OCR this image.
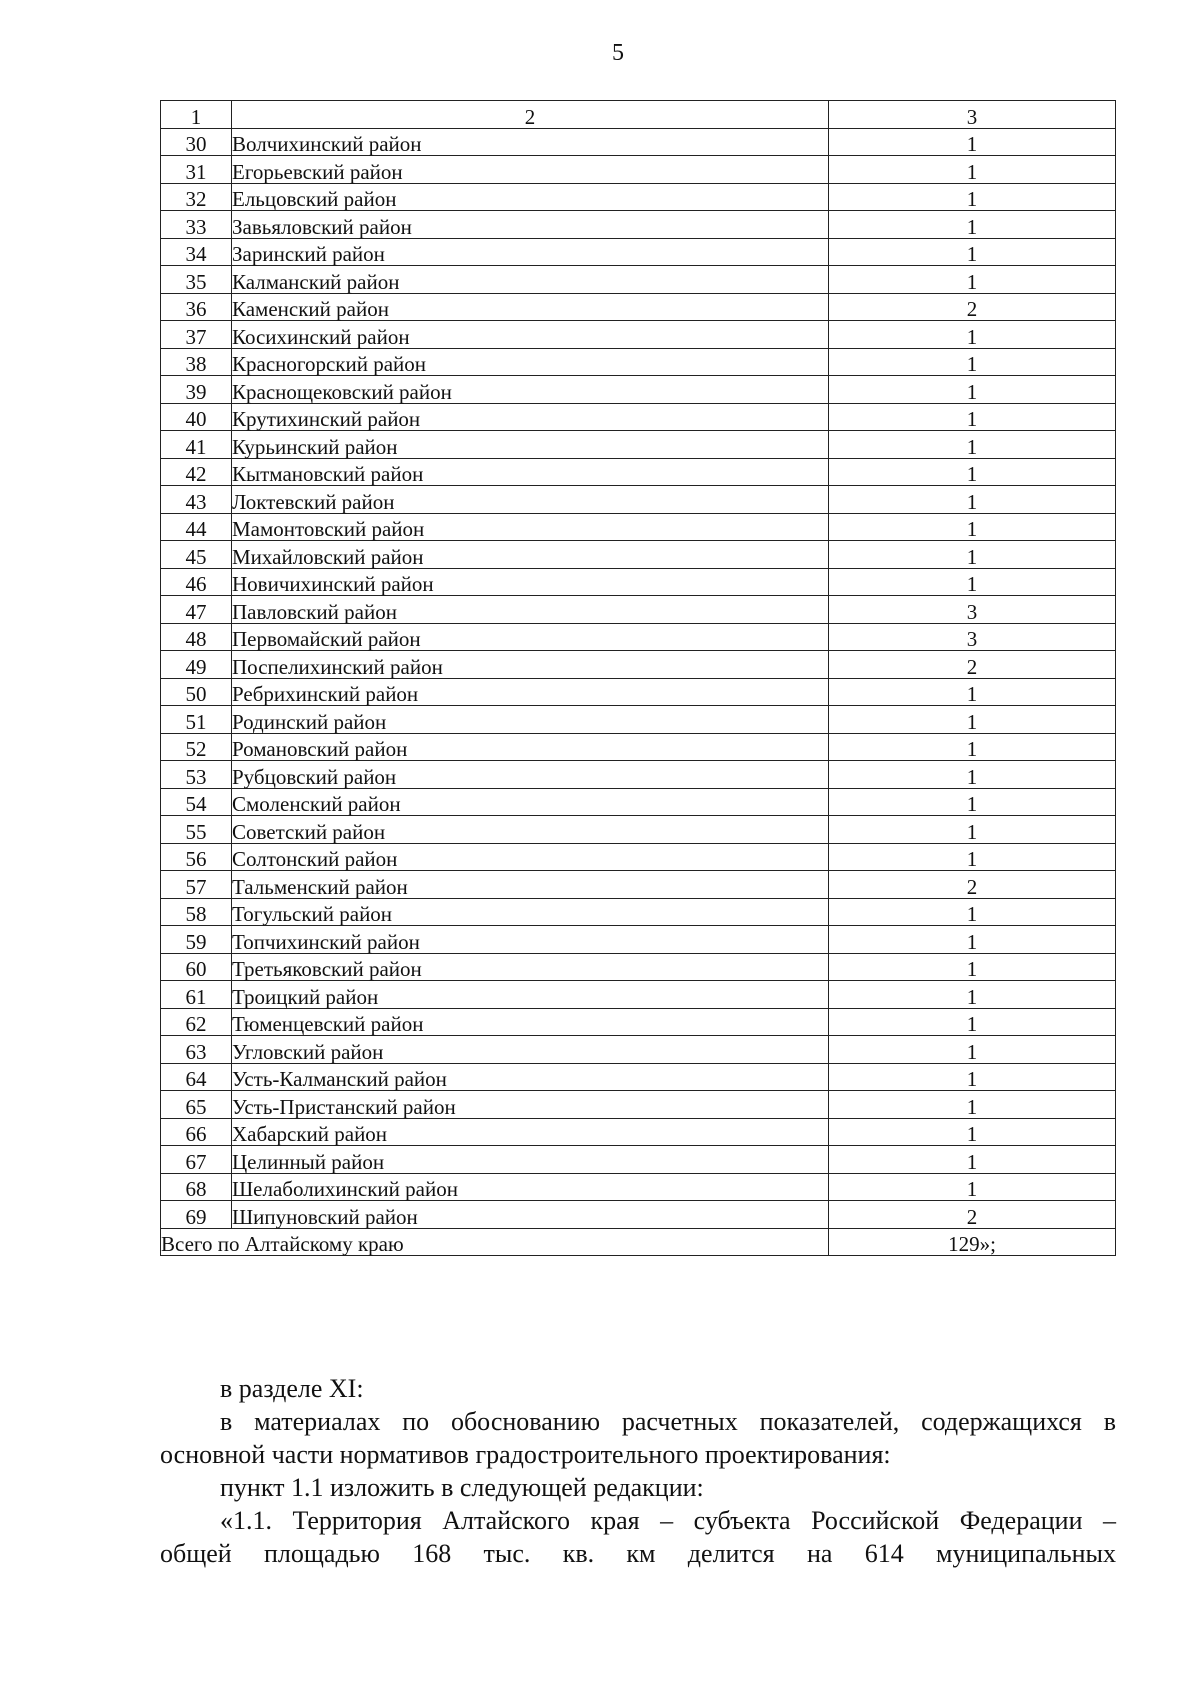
5
1	2	3
30	Волчихинский район	1
31	Егорьевский район	1
32	Ельцовский район	1
33	Завьяловский район	1
34	Заринский район	1
35	Калманский район	1
36	Каменский район	2
37	Косихинский район	1
38	Красногорский район	1
39	Краснощековский район	1
40	Крутихинский район	1
41	Курьинский район	1
42	Кытмановский район	1
43	Локтевский район	1
44	Мамонтовский район	1
45	Михайловский район	1
46	Новичихинский район	1
47	Павловский район	3
48	Первомайский район	3
49	Поспелихинский район	2
50	Ребрихинский район	1
51	Родинский район	1
52	Романовский район	1
53	Рубцовский район	1
54	Смоленский район	1
55	Советский район	1
56	Солтонский район	1
57	Тальменский район	2
58	Тогульский район	1
59	Топчихинский район	1
60	Третьяковский район	1
61	Троицкий район	1
62	Тюменцевский район	1
63	Угловский район	1
64	Усть-Калманский район	1
65	Усть-Пристанский район	1
66	Хабарский район	1
67	Целинный район	1
68	Шелаболихинский район	1
69	Шипуновский район	2
Всего по Алтайскому краю		129»;

в разделе XI:

в материалах по обоснованию расчетных показателей, содержащихся в основной части нормативов градостроительного проектирования:

пункт 1.1 изложить в следующей редакции:

«1.1. Территория Алтайского края – субъекта Российской Федерации –

общей площадью 168 тыс. кв. км делится на 614 муниципальных
